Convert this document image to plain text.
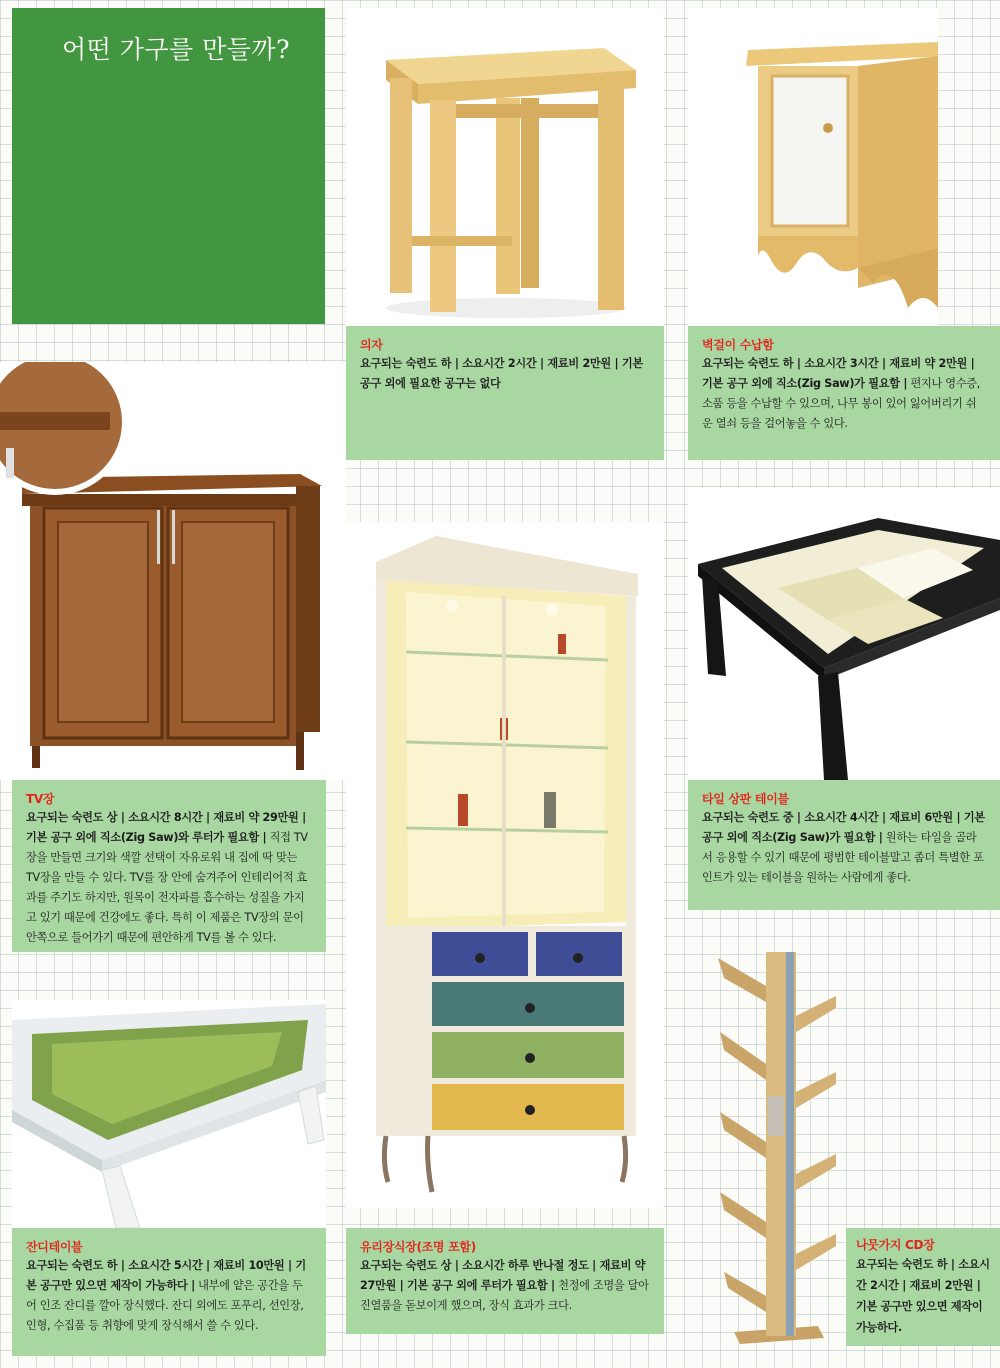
어떤 가구를 만들까?
의자
요구되는 숙련도 하 | 소요시간 2시간 | 재료비 2만원 | 기본 공구 외에 필요한 공구는 없다
벽걸이 수납함
요구되는 숙련도 하 | 소요시간 3시간 | 재료비 약 2만원 | 기본 공구 외에 직소(Zig Saw)가 필요함 | 편지나 영수증, 소품 등을 수납할 수 있으며, 나무 봉이 있어 잃어버리기 쉬운 열쇠 등을 걸어놓을 수 있다.
TV장
요구되는 숙련도 상 | 소요시간 8시간 | 재료비 약 29만원 | 기본 공구 외에 직소(Zig Saw)와 루터가 필요함 | 직접 TV장을 만들면 크기와 색깔 선택이 자유로워 내 집에 딱 맞는 TV장을 만들 수 있다. TV를 장 안에 숨겨주어 인테리어적 효과를 주기도 하지만, 원목이 전자파를 흡수하는 성질을 가지고 있기 때문에 건강에도 좋다. 특히 이 제품은 TV장의 문이 안쪽으로 들어가기 때문에 편안하게 TV를 볼 수 있다.
타일 상판 테이블
요구되는 숙련도 중 | 소요시간 4시간 | 재료비 6만원 | 기본 공구 외에 직소(Zig Saw)가 필요함 | 원하는 타일을 골라서 응용할 수 있기 때문에 평범한 테이블말고 좀더 특별한 포인트가 있는 테이블을 원하는 사람에게 좋다.
잔디테이블
요구되는 숙련도 하 | 소요시간 5시간 | 재료비 10만원 | 기본 공구만 있으면 제작이 가능하다 | 내부에 얕은 공간을 두어 인조 잔디를 깔아 장식했다. 잔디 외에도 포푸리, 선인장, 인형, 수집품 등 취향에 맞게 장식해서 쓸 수 있다.
유리장식장(조명 포함)
요구되는 숙련도 상 | 소요시간 하루 반나절 정도 | 재료비 약 27만원 | 기본 공구 외에 루터가 필요함 | 천정에 조명을 달아 진열품을 돋보이게 했으며, 장식 효과가 크다.
나뭇가지 CD장
요구되는 숙련도 하 | 소요시간 2시간 | 재료비 2만원 | 기본 공구만 있으면 제작이 가능하다.
